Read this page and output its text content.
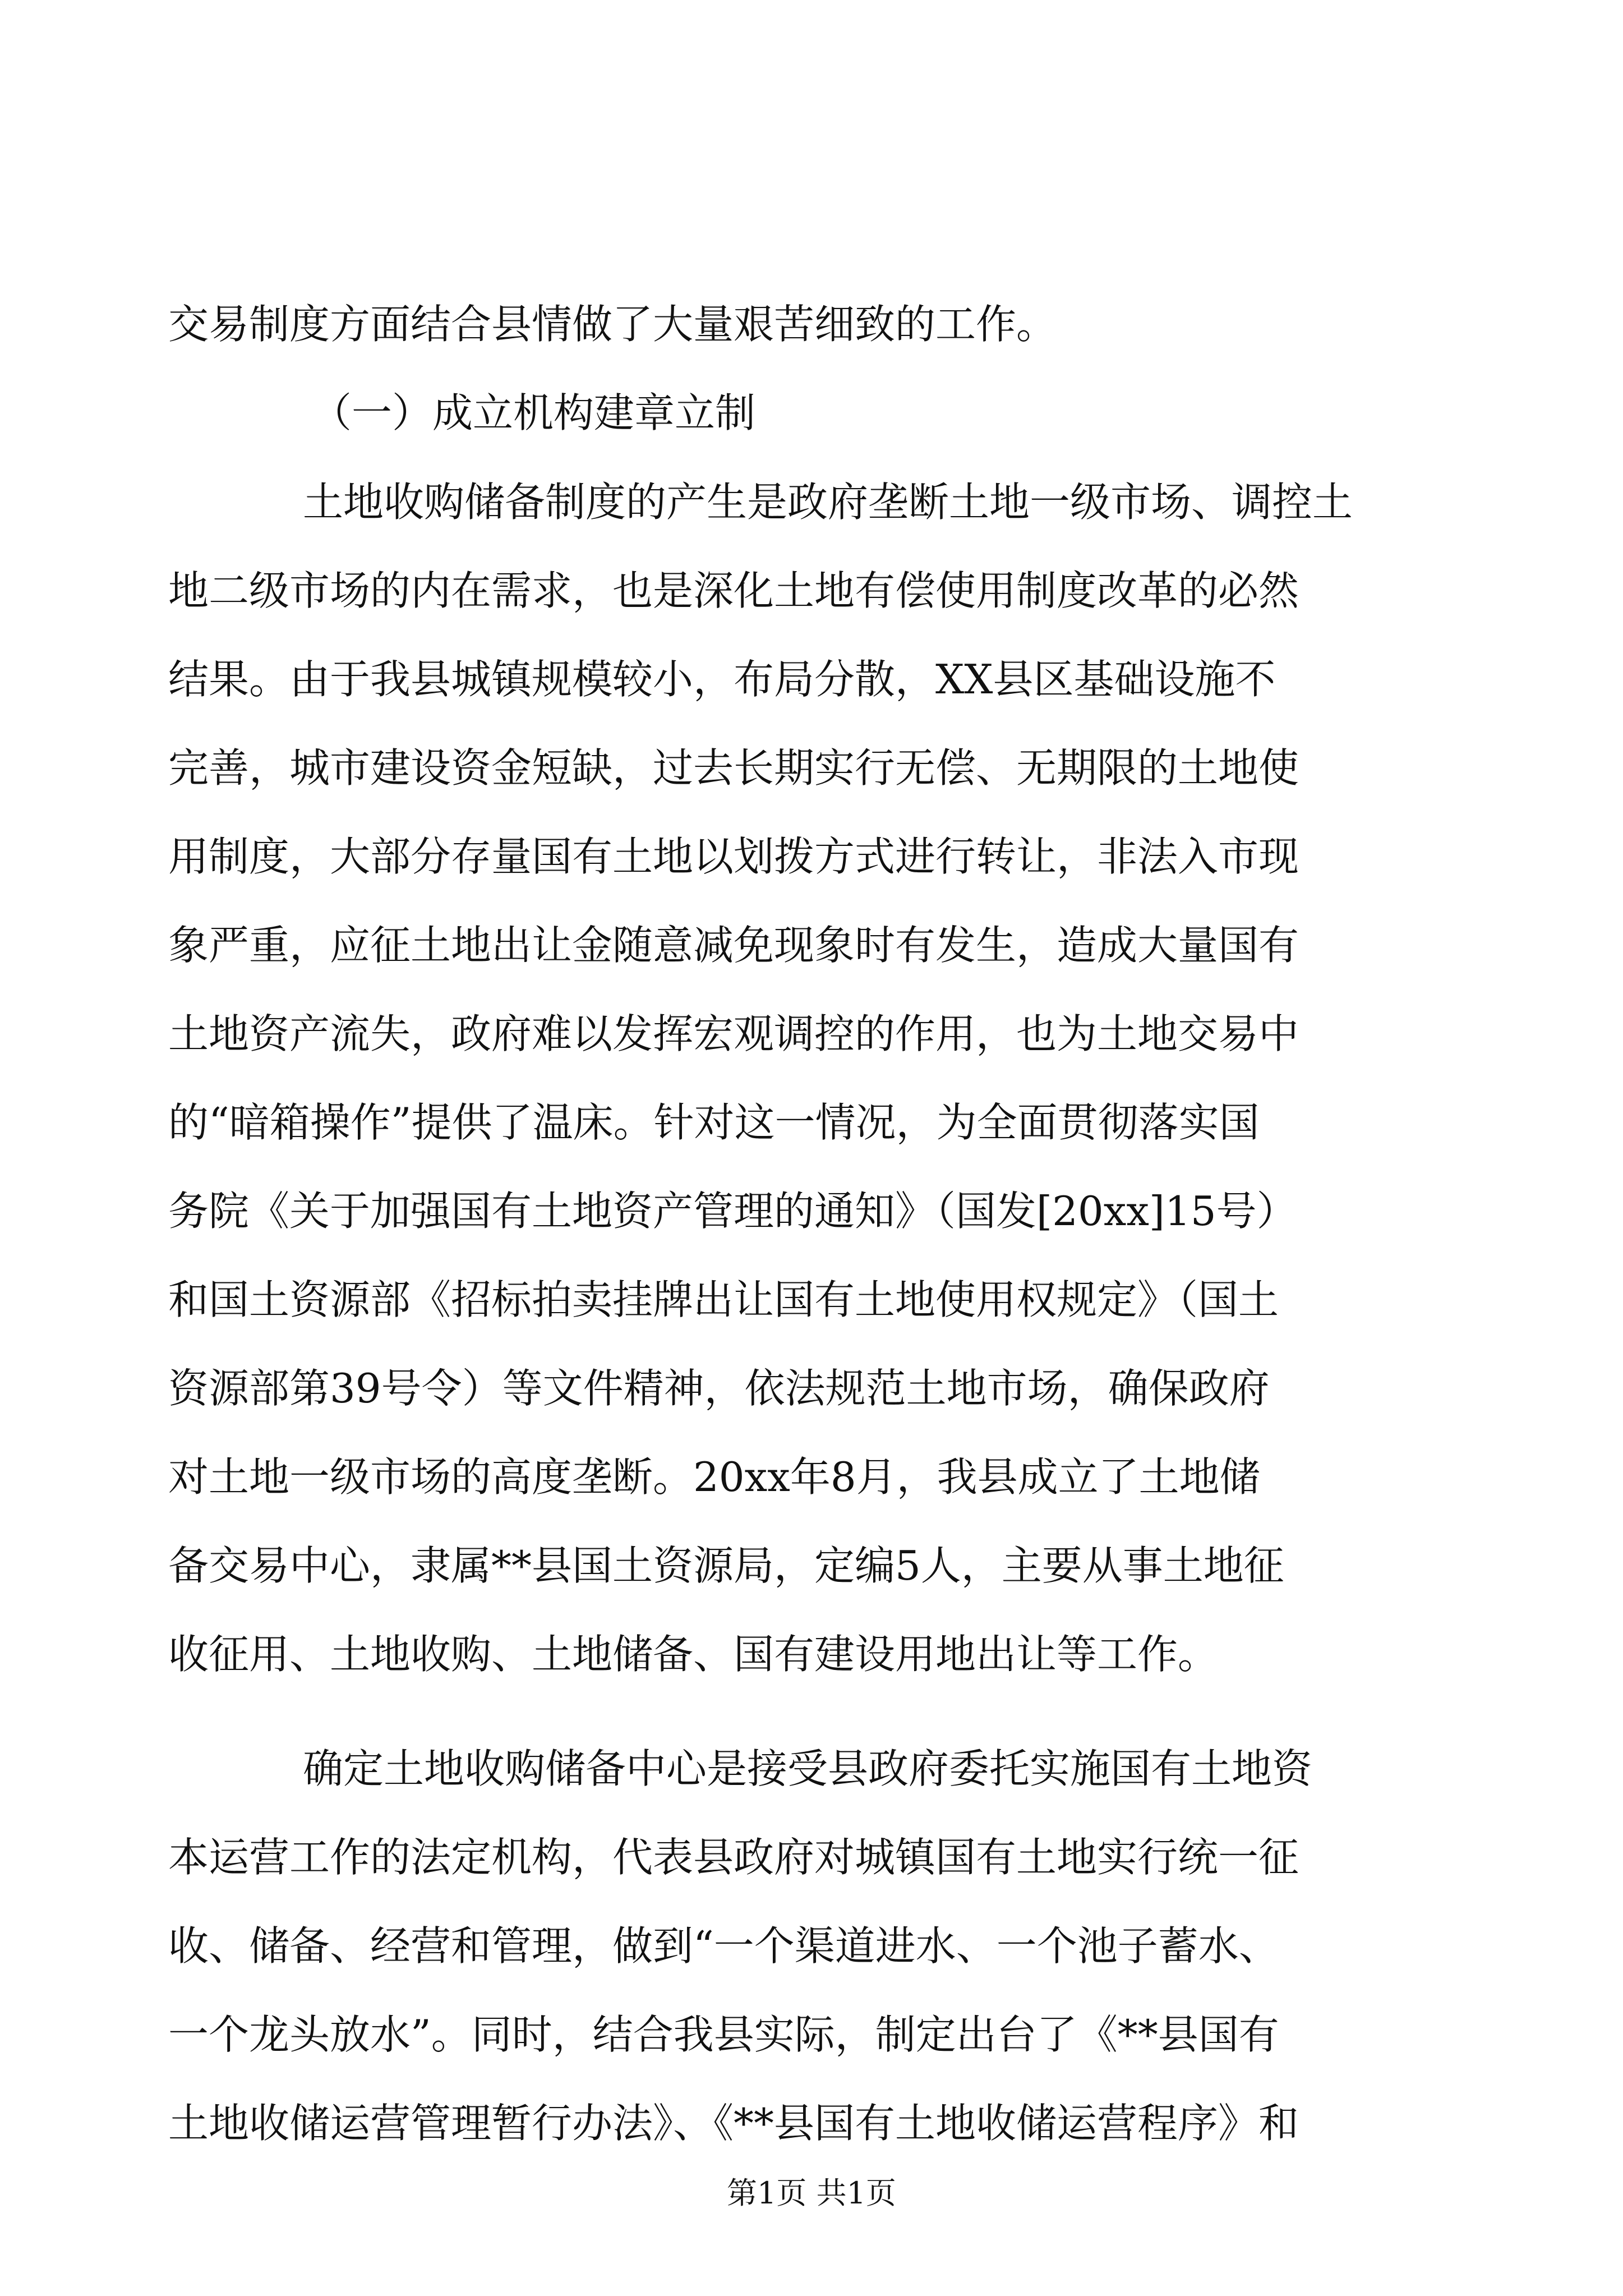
交易制度方面结合县情做了大量艰苦细致的工作。
（一）成立机构建章立制
土地收购储备制度的产生是政府垄断土地一级市场、调控土
地二级市场的内在需求，也是深化土地有偿使用制度改革的必然
结果。由于我县城镇规模较小，布局分散，XX县区基础设施不
完善，城市建设资金短缺，过去长期实行无偿、无期限的土地使
用制度，大部分存量国有土地以划拨方式进行转让，非法入市现
象严重，应征土地出让金随意减免现象时有发生，造成大量国有
土地资产流失，政府难以发挥宏观调控的作用，也为土地交易中
的“暗箱操作”提供了温床。针对这一情况，为全面贯彻落实国
务院《关于加强国有土地资产管理的通知》（国发[20xx]15号）
和国土资源部《招标拍卖挂牌出让国有土地使用权规定》（国土
资源部第39号令）等文件精神，依法规范土地市场，确保政府
对土地一级市场的高度垄断。20xx年8月，我县成立了土地储
备交易中心，隶属**县国土资源局，定编5人，主要从事土地征
收征用、土地收购、土地储备、国有建设用地出让等工作。
确定土地收购储备中心是接受县政府委托实施国有土地资
本运营工作的法定机构，代表县政府对城镇国有土地实行统一征
收、储备、经营和管理，做到“一个渠道进水、一个池子蓄水、
一个龙头放水”。同时，结合我县实际，制定出台了《**县国有
土地收储运营管理暂行办法》、《**县国有土地收储运营程序》和
第1页 共1页
